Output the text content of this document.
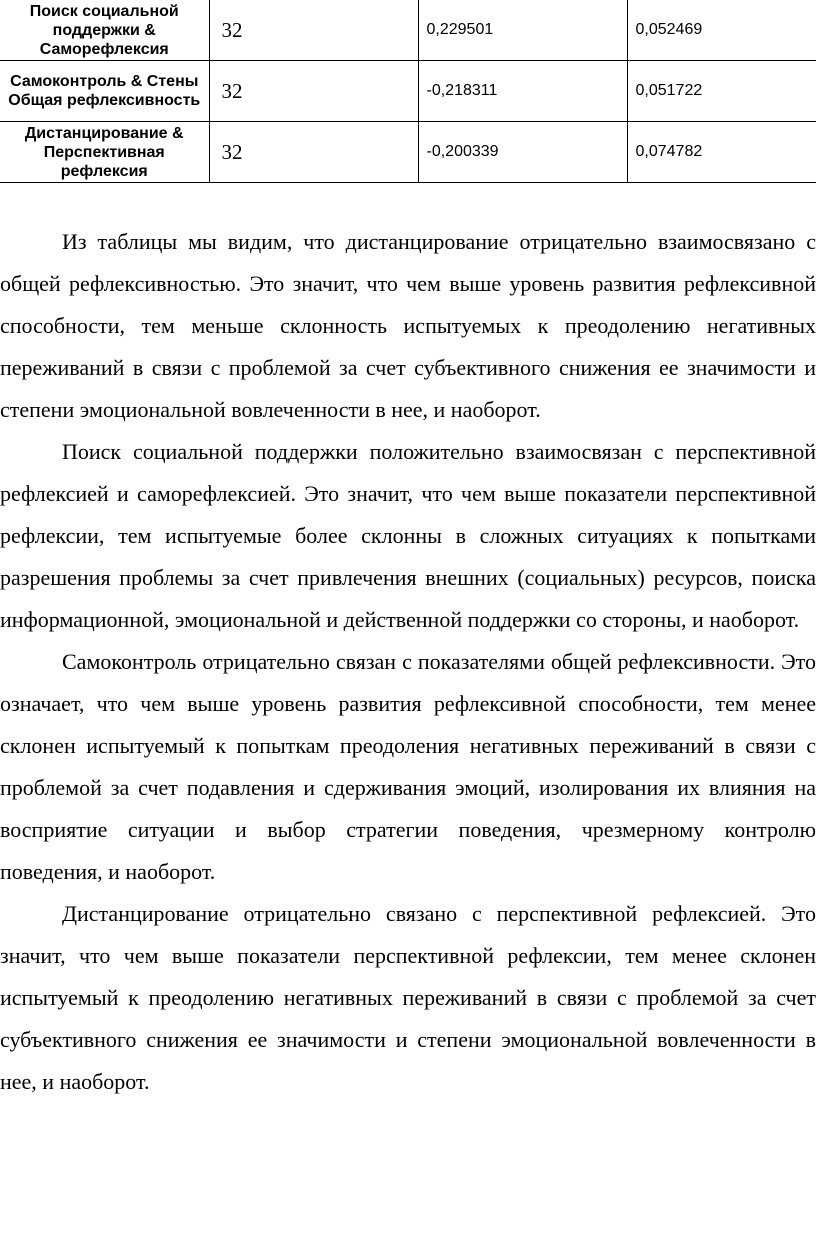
Поиск социальной поддержки & Саморефлексия	32	0,229501	0,052469
Самоконтроль & Стены Общая рефлексивность	32	-0,218311	0,051722
Дистанцирование & Перспективная рефлексия	32	-0,200339	0,074782

Из таблицы мы видим, что дистанцирование отрицательно взаимосвязано с общей рефлексивностью. Это значит, что чем выше уровень развития рефлексивной способности, тем меньше склонность испытуемых к преодолению негативных переживаний в связи с проблемой за счет субъективного снижения ее значимости и степени эмоциональной вовлеченности в нее, и наоборот.

Поиск социальной поддержки положительно взаимосвязан с перспективной рефлексией и саморефлексией. Это значит, что чем выше показатели перспективной рефлексии, тем испытуемые более склонны в сложных ситуациях к попытками разрешения проблемы за счет привлечения внешних (социальных) ресурсов, поиска информационной, эмоциональной и действенной поддержки со стороны, и наоборот.

Самоконтроль отрицательно связан с показателями общей рефлексивности. Это означает, что чем выше уровень развития рефлексивной способности, тем менее склонен испытуемый к попыткам преодоления негативных переживаний в связи с проблемой за счет подавления и сдерживания эмоций, изолирования их влияния на восприятие ситуации и выбор стратегии поведения, чрезмерному контролю поведения, и наоборот.

Дистанцирование отрицательно связано с перспективной рефлексией. Это значит, что чем выше показатели перспективной рефлексии, тем менее склонен испытуемый к преодолению негативных переживаний в связи с проблемой за счет субъективного снижения ее значимости и степени эмоциональной вовлеченности в нее, и наоборот.
